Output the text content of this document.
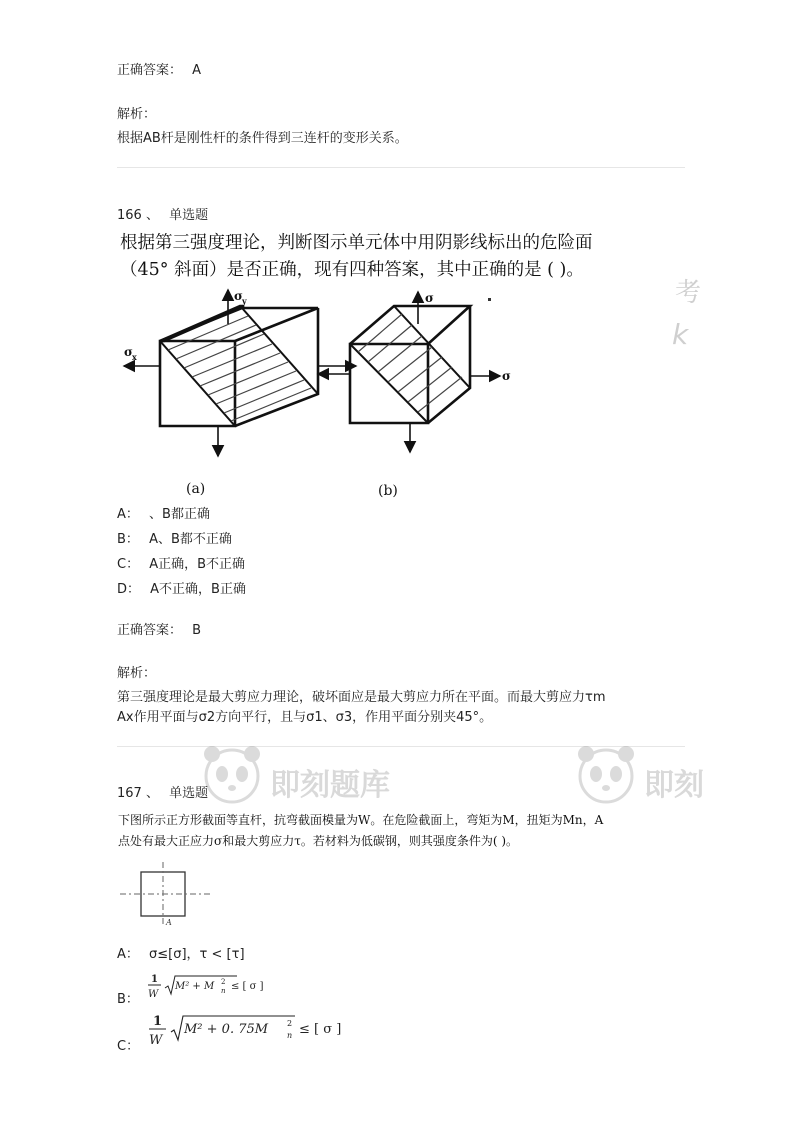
正确答案： A
解析：
根据AB杆是刚性杆的条件得到三连杆的变形关系。
166 、 单选题
根据第三强度理论，判断图示单元体中用阴影线标出的危险面
（45° 斜面）是否正确，现有四种答案，其中正确的是 ( )。
考
k
σ y
σ x
(a)
σ
σ
(b)
A： 、B都正确
B： A、B都不正确
C： A正确，B不正确
D： A不正确，B正确
正确答案： B
解析：
第三强度理论是最大剪应力理论，破坏面应是最大剪应力所在平面。而最大剪应力τm
Ax作用平面与σ2方向平行，且与σ1、σ3，作用平面分别夹45°。
即刻题库	即刻
167 、 单选题
下图所示正方形截面等直杆，抗弯截面模量为W。在危险截面上，弯矩为M，扭矩为Mn，A
点处有最大正应力σ和最大剪应力τ。若材料为低碳钢，则其强度条件为( )。
A
A： σ≤[σ]，τ < [τ]
B：
1
W
M² + M n
2 ≤ [ σ ]
C：
1
W
M² + 0. 75M n
2 ≤ [ σ ]
